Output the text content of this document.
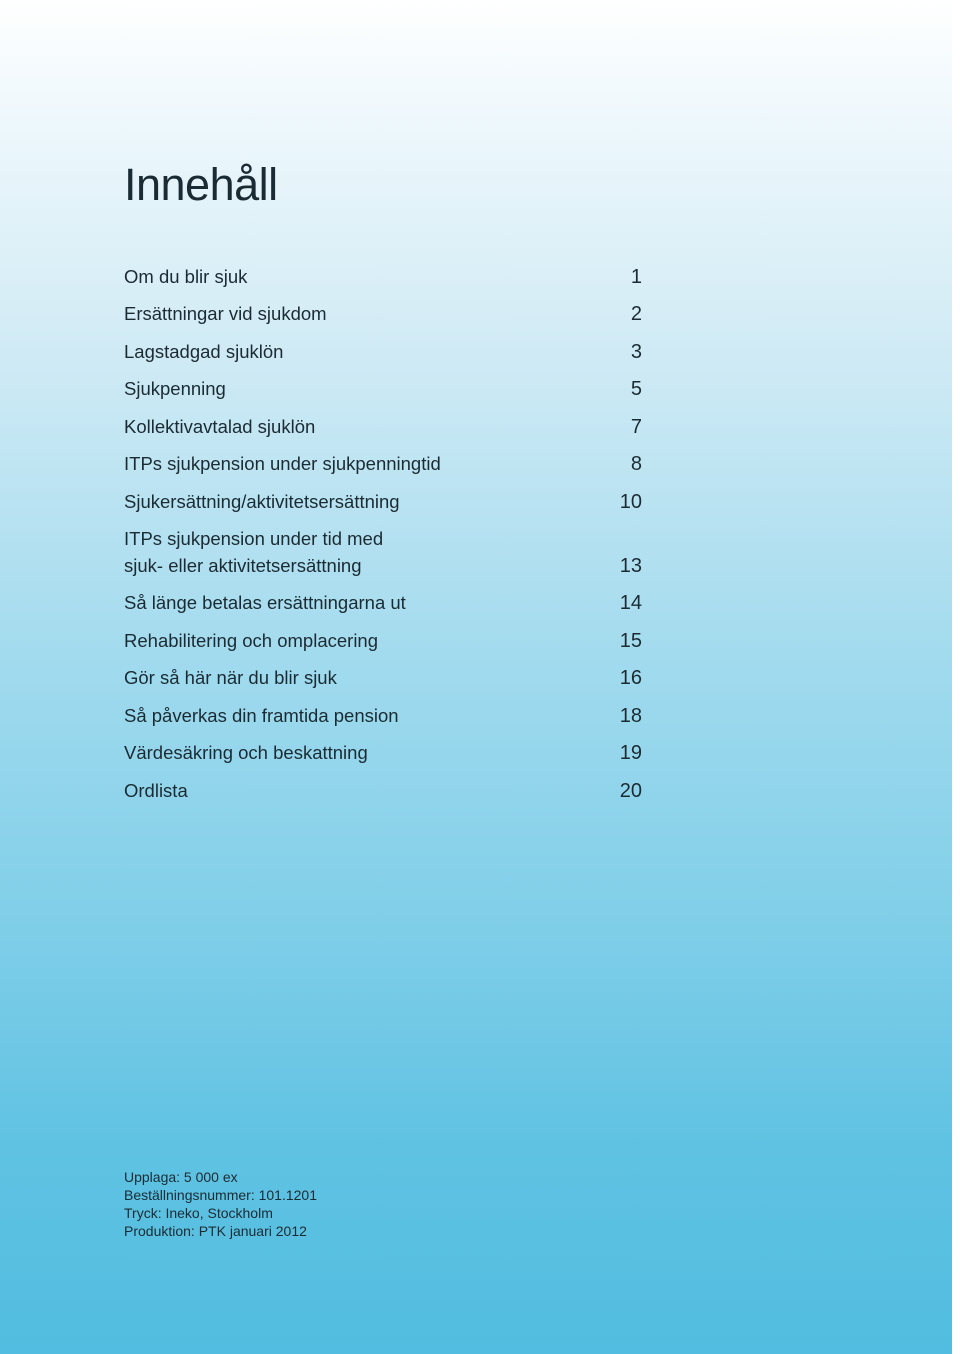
Innehåll
Om du blir sjuk	1
Ersättningar vid sjukdom	2
Lagstadgad sjuklön	3
Sjukpenning	5
Kollektivavtalad sjuklön	7
ITPs sjukpension under sjukpenningtid	8
Sjukersättning/aktivitetsersättning	10
ITPs sjukpension under tid med
sjuk- eller aktivitetsersättning	13
Så länge betalas ersättningarna ut	14
Rehabilitering och omplacering	15
Gör så här när du blir sjuk	16
Så påverkas din framtida pension	18
Värdesäkring och beskattning	19
Ordlista	20
Upplaga: 5 000 ex
Beställningsnummer: 101.1201
Tryck: Ineko, Stockholm
Produktion: PTK januari 2012
